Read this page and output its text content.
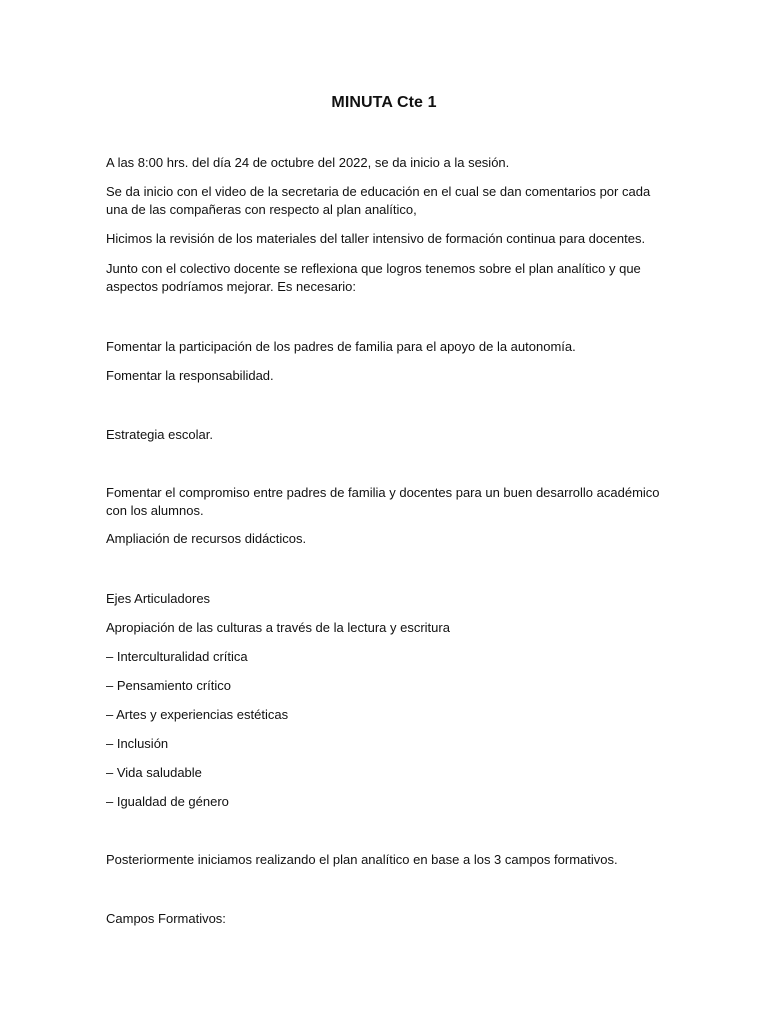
MINUTA Cte 1
A las 8:00 hrs. del día 24 de octubre del 2022, se da inicio a la sesión.
Se da inicio con el video de la secretaria de educación en el cual se dan comentarios por cada una de las compañeras con respecto al plan analítico,
Hicimos la revisión de los materiales del taller intensivo de formación continua para docentes.
Junto con el colectivo docente se reflexiona que logros tenemos sobre el plan analítico y que aspectos podríamos mejorar. Es necesario:
Fomentar la participación de los padres de familia para el apoyo de la autonomía.
Fomentar la responsabilidad.
Estrategia escolar.
Fomentar el compromiso entre padres de familia y docentes para un buen desarrollo académico con los alumnos.
Ampliación de recursos didácticos.
Ejes Articuladores
Apropiación de las culturas a través de la lectura y escritura
– Interculturalidad crítica
– Pensamiento crítico
– Artes y experiencias estéticas
– Inclusión
– Vida saludable
– Igualdad de género
Posteriormente iniciamos realizando el plan analítico en base a los 3 campos formativos.
Campos Formativos:
